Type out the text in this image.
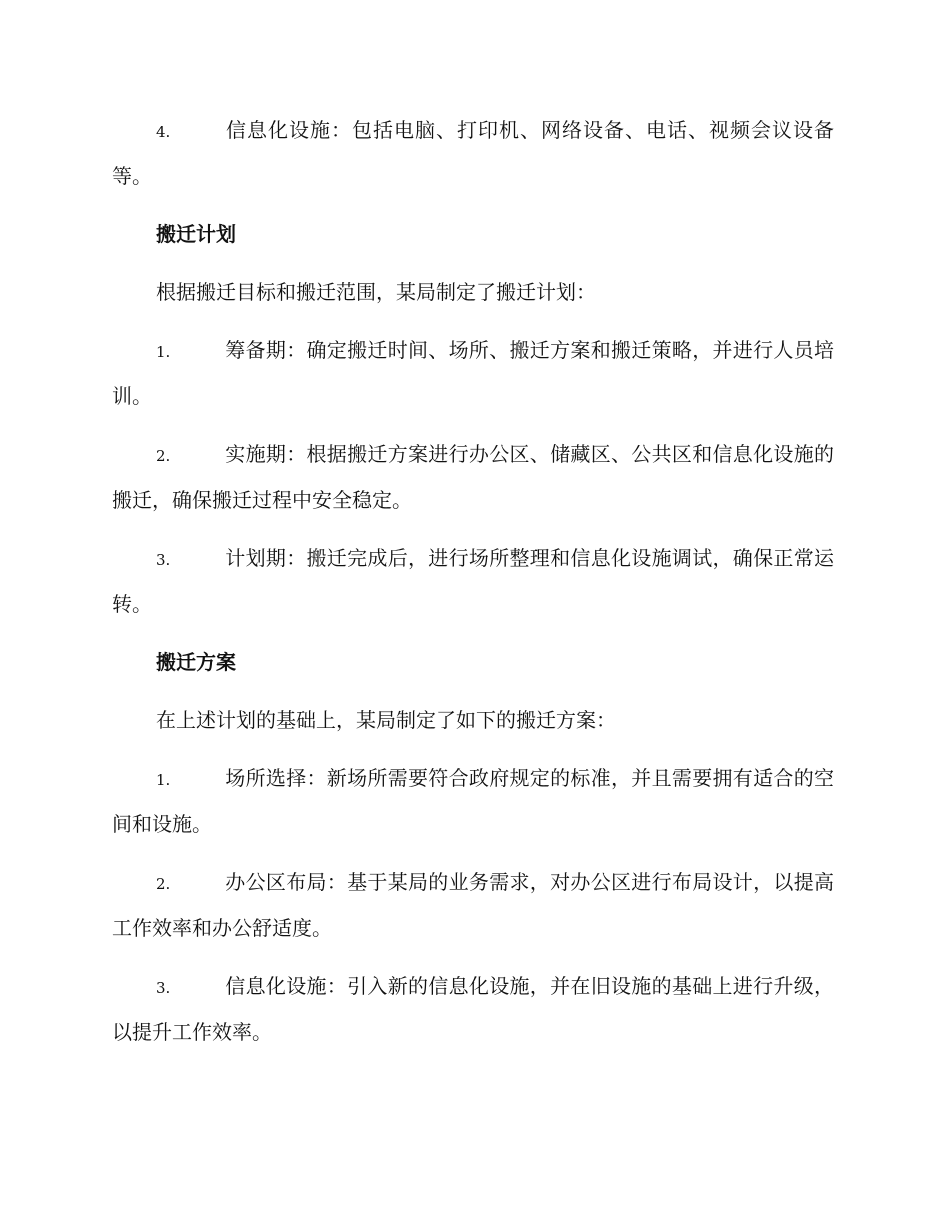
4.	信息化设施：包括电脑、打印机、网络设备、电话、视频会议设备等。
搬迁计划
根据搬迁目标和搬迁范围，某局制定了搬迁计划：
1.	筹备期：确定搬迁时间、场所、搬迁方案和搬迁策略，并进行人员培训。
2.	实施期：根据搬迁方案进行办公区、储藏区、公共区和信息化设施的搬迁，确保搬迁过程中安全稳定。
3.	计划期：搬迁完成后，进行场所整理和信息化设施调试，确保正常运转。
搬迁方案
在上述计划的基础上，某局制定了如下的搬迁方案：
1.	场所选择：新场所需要符合政府规定的标准，并且需要拥有适合的空间和设施。
2.	办公区布局：基于某局的业务需求，对办公区进行布局设计，以提高工作效率和办公舒适度。
3.	信息化设施：引入新的信息化设施，并在旧设施的基础上进行升级，以提升工作效率。
